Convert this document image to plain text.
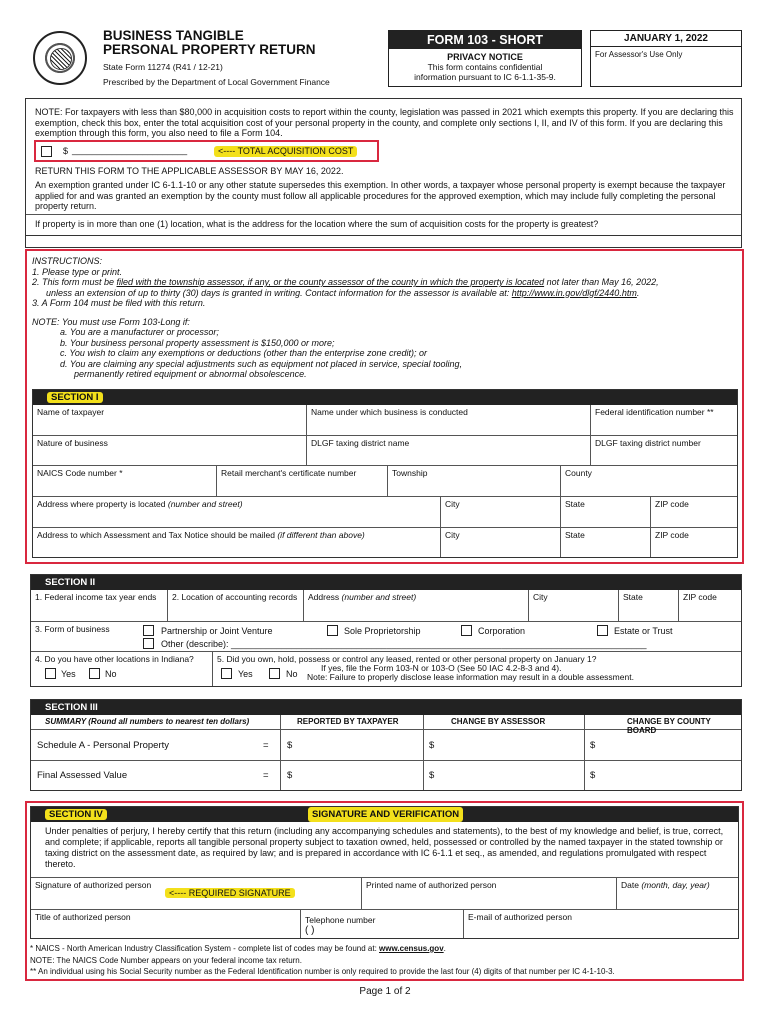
BUSINESS TANGIBLE
PERSONAL PROPERTY RETURN
State Form 11274 (R41 / 12-21)
Prescribed by the Department of Local Government Finance
FORM 103 - SHORT
PRIVACY NOTICE
This form contains confidential
information pursuant to IC 6-1.1-35-9.
JANUARY 1, 2022
For Assessor's Use Only
NOTE: For taxpayers with less than $80,000 in acquisition costs to report within the county, legislation was passed in 2021 which exempts this property. If you are declaring this exemption, check this box, enter the total acquisition cost of your personal property in the county, and complete only sections I, II, and IV of this form. If you are declaring this exemption through this form, you also need to file a Form 104.
$ _______________________	<---- TOTAL ACQUISITION COST
RETURN THIS FORM TO THE APPLICABLE ASSESSOR BY MAY 16, 2022.
An exemption granted under IC 6-1.1-10 or any other statute supersedes this exemption. In other words, a taxpayer whose personal property is exempt because the taxpayer applied for and was granted an exemption by the county must follow all applicable procedures for the approved exemption, which may include fully completing the personal property return.
If property is in more than one (1) location, what is the address for the location where the sum of acquisition costs for the property is greatest?
INSTRUCTIONS:
1. Please type or print.
2. This form must be filed with the township assessor, if any, or the county assessor of the county in which the property is located not later than May 16, 2022,
unless an extension of up to thirty (30) days is granted in writing. Contact information for the assessor is available at: http://www.in.gov/dlgf/2440.htm.
3. A Form 104 must be filed with this return.
NOTE: You must use Form 103-Long if:
a. You are a manufacturer or processor;
b. Your business personal property assessment is $150,000 or more;
c. You wish to claim any exemptions or deductions (other than the enterprise zone credit); or
d. You are claiming any special adjustments such as equipment not placed in service, special tooling,
permanently retired equipment or abnormal obsolescence.
SECTION I
Name of taxpayer	Name under which business is conducted	Federal identification number **
Nature of business	DLGF taxing district name	DLGF taxing district number
NAICS Code number *	Retail merchant's certificate number	Township	County
Address where property is located (number and street)	City	State	ZIP code
Address to which Assessment and Tax Notice should be mailed (if different than above)	City	State	ZIP code
SECTION II
1. Federal income tax year ends	2. Location of accounting records	Address (number and street)	City	State	ZIP code
3. Form of business	Partnership or Joint Venture
Other (describe): ___________________________________________________________________________________
Sole Proprietorship	Corporation	Estate or Trust
4. Do you have other locations in Indiana?
Yes	No
5. Did you own, hold, possess or control any leased, rented or other personal property on January 1?
Yes	No
If yes, file the Form 103-N or 103-O (See 50 IAC 4.2-8-3 and 4).
Note: Failure to properly disclose lease information may result in a double assessment.
SECTION III
SUMMARY (Round all numbers to nearest ten dollars)	REPORTED BY TAXPAYER	CHANGE BY ASSESSOR	CHANGE BY COUNTY BOARD
Schedule A - Personal Property	= $	$	$
Final Assessed Value	= $	$	$
SECTION IV	SIGNATURE AND VERIFICATION
Under penalties of perjury, I hereby certify that this return (including any accompanying schedules and statements), to the best of my knowledge and belief, is true, correct, and complete; if applicable, reports all tangible personal property subject to taxation owned, held, possessed or controlled by the named taxpayer in the stated township or taxing district on the assessment date, as required by law; and is prepared in accordance with IC 6-1.1 et seq., as amended, and regulations promulgated with respect thereto.
Signature of authorized person
<---- REQUIRED SIGNATURE
Printed name of authorized person	Date (month, day, year)
Title of authorized person	Telephone number
( )
E-mail of authorized person
* NAICS - North American Industry Classification System - complete list of codes may be found at: www.census.gov.
NOTE: The NAICS Code Number appears on your federal income tax return.
** An individual using his Social Security number as the Federal Identification number is only required to provide the last four (4) digits of that number per IC 4-1-10-3.
Page 1 of 2
